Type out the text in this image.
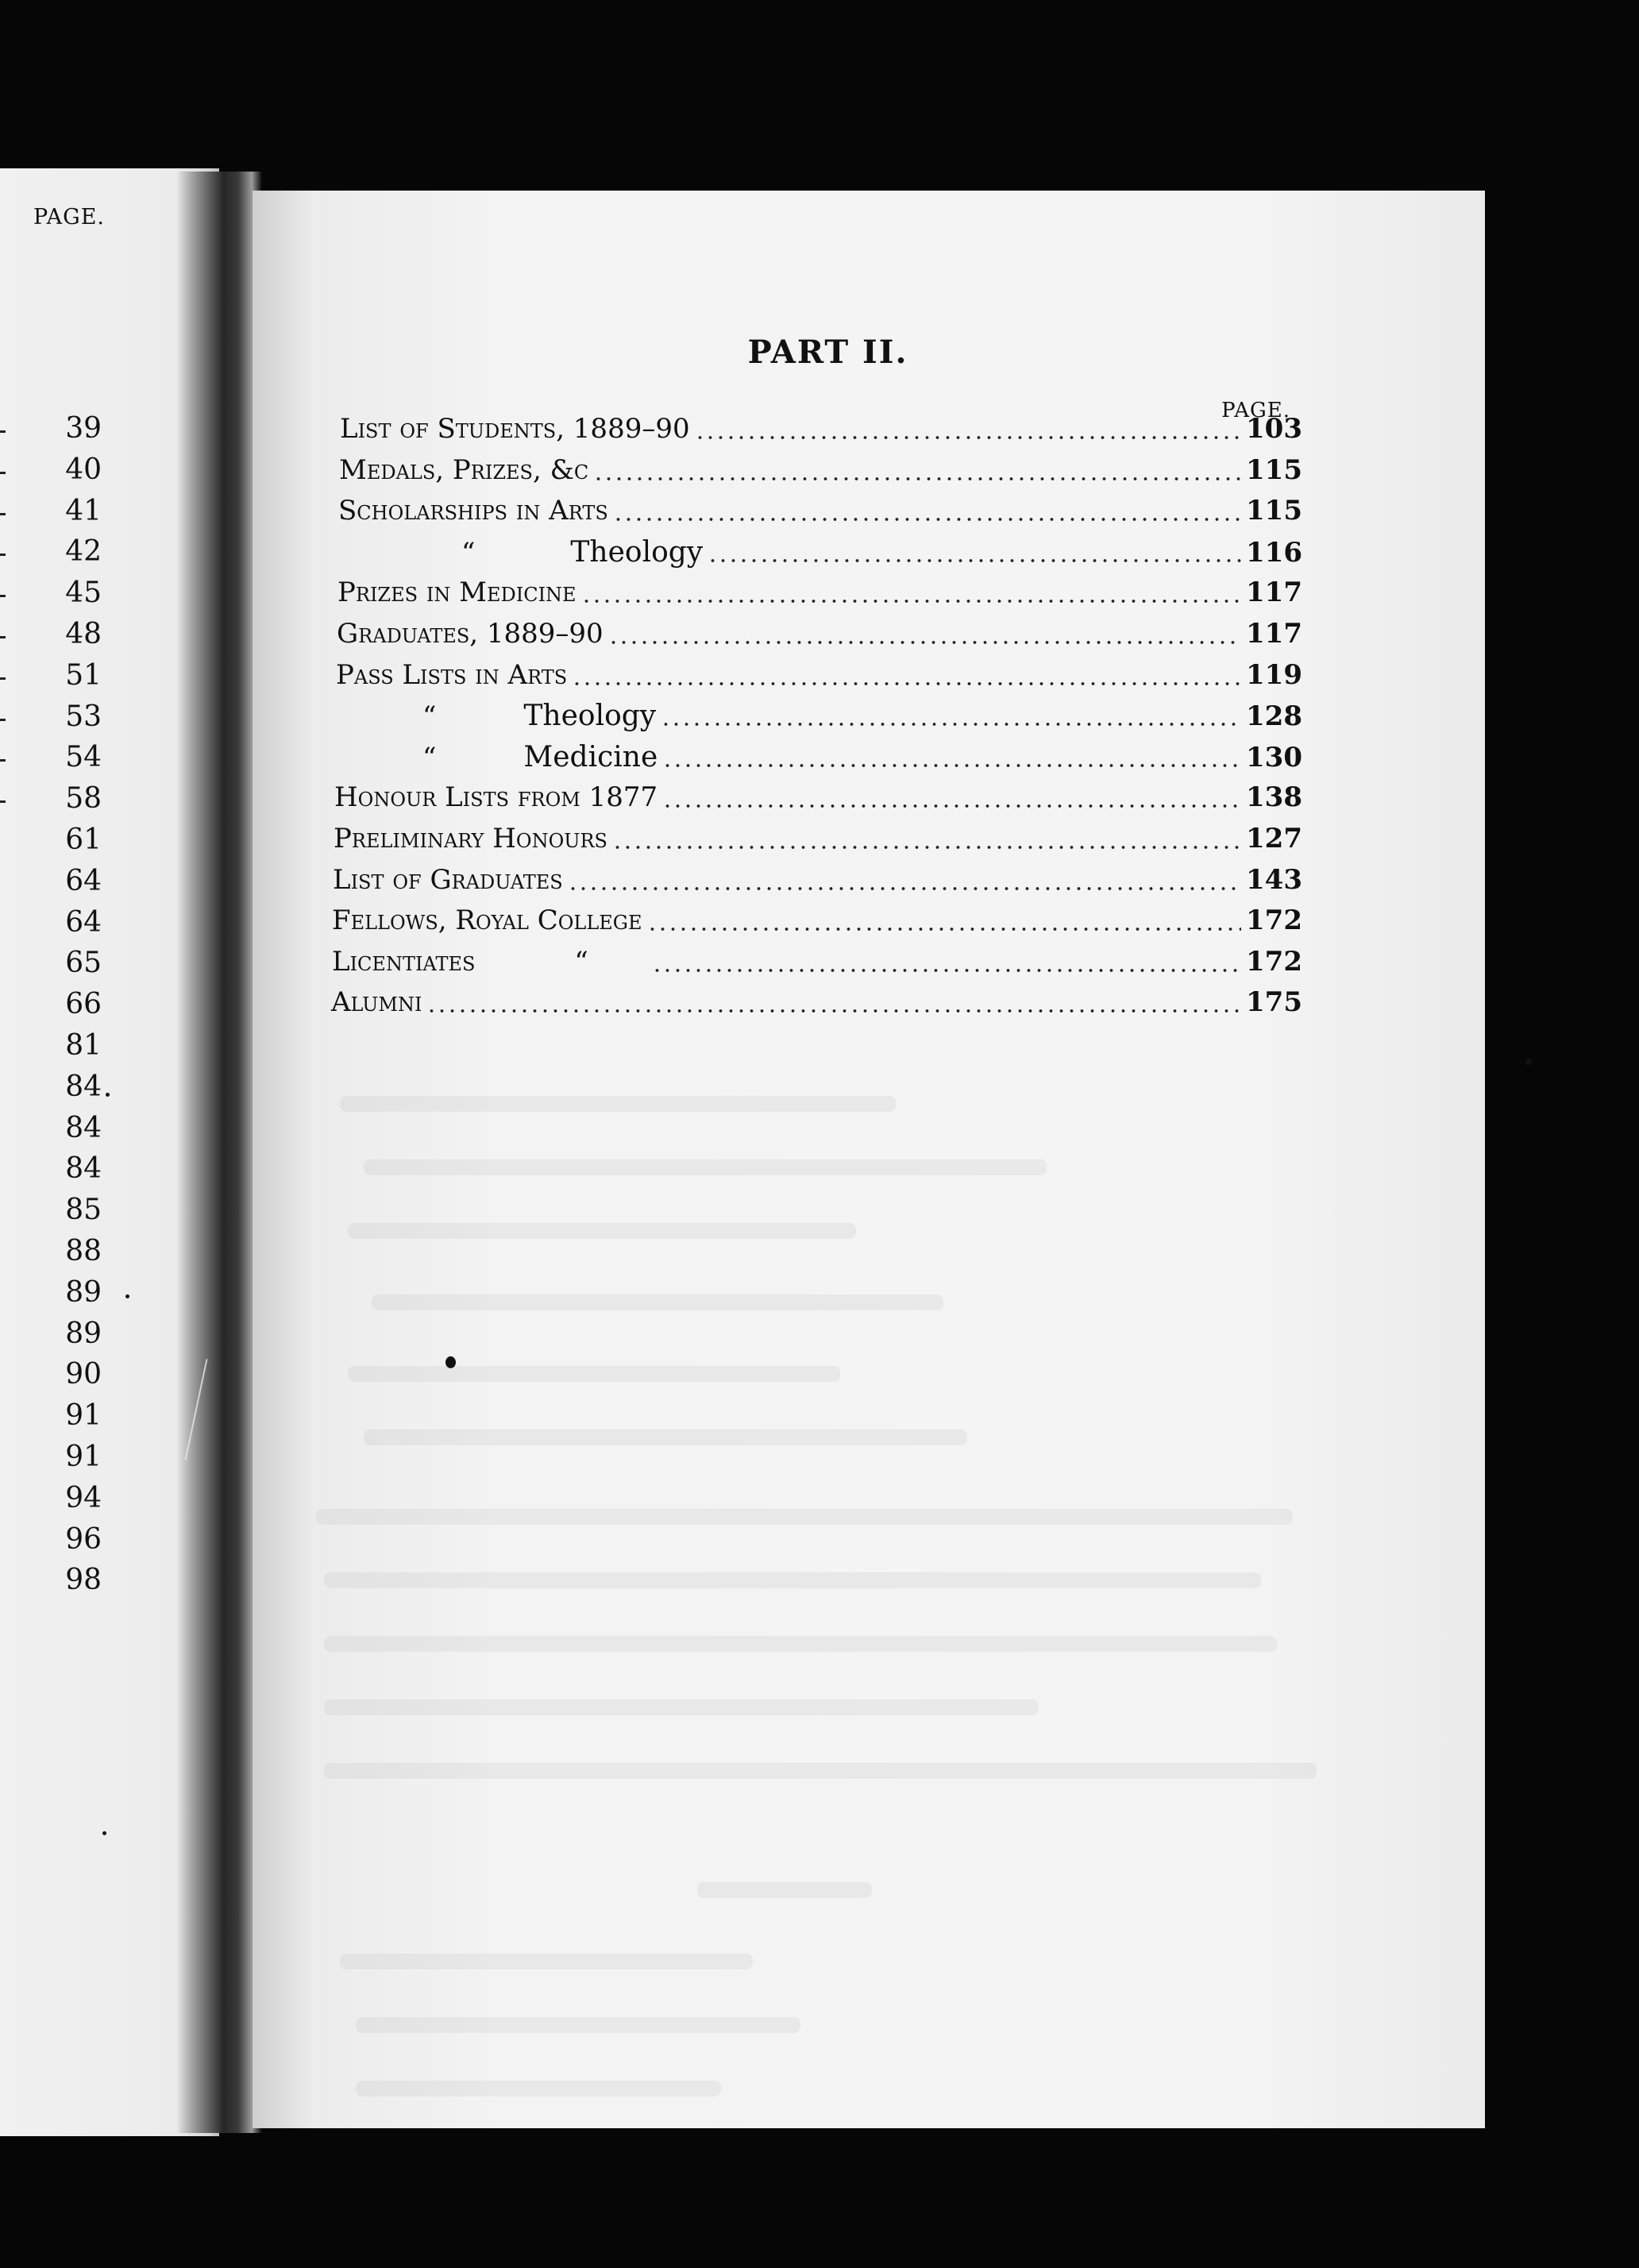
PAGE.
39
40
41
42
45
48
51
53
54
58
61
64
64
65
66
81
84
84
84
85
88
89
89
90
91
91
94
96
98
PART II.
PAGE.
List of Students, 1889–90	103
Medals, Prizes, &c	115
Scholarships in Arts	115
“	Theology	116
Prizes in Medicine	117
Graduates, 1889–90	117
Pass Lists in Arts	119
“	Theology	128
“	Medicine	130
Honour Lists from 1877	138
Preliminary Honours	127
List of Graduates	143
Fellows, Royal College	172
Licentiates	“	172
Alumni	175
